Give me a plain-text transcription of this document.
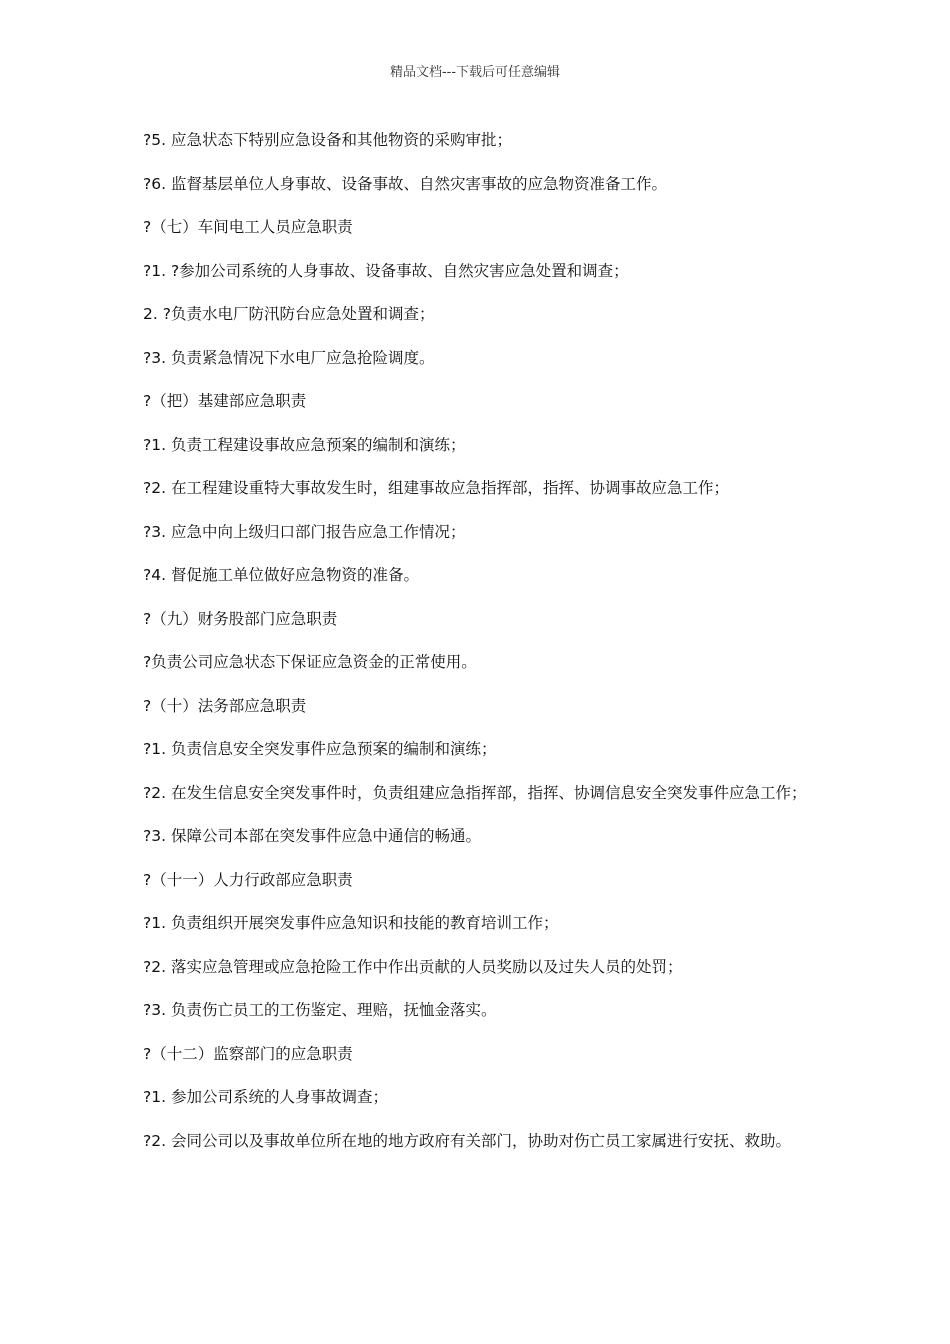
精品文档---下载后可任意编辑

?5. 应急状态下特别应急设备和其他物资的采购审批；

?6. 监督基层单位人身事故、设备事故、自然灾害事故的应急物资准备工作。

?（七）车间电工人员应急职责

?1. ?参加公司系统的人身事故、设备事故、自然灾害应急处置和调查；

2. ?负责水电厂防汛防台应急处置和调查；

?3. 负责紧急情况下水电厂应急抢险调度。

?（把）基建部应急职责

?1. 负责工程建设事故应急预案的编制和演练；

?2. 在工程建设重特大事故发生时，组建事故应急指挥部，指挥、协调事故应急工作；

?3. 应急中向上级归口部门报告应急工作情况；

?4. 督促施工单位做好应急物资的准备。

?（九）财务股部门应急职责

?负责公司应急状态下保证应急资金的正常使用。

?（十）法务部应急职责

?1. 负责信息安全突发事件应急预案的编制和演练；

?2. 在发生信息安全突发事件时，负责组建应急指挥部，指挥、协调信息安全突发事件应急工作；

?3. 保障公司本部在突发事件应急中通信的畅通。

?（十一）人力行政部应急职责

?1. 负责组织开展突发事件应急知识和技能的教育培训工作；

?2. 落实应急管理或应急抢险工作中作出贡献的人员奖励以及过失人员的处罚；

?3. 负责伤亡员工的工伤鉴定、理赔，抚恤金落实。

?（十二）监察部门的应急职责

?1. 参加公司系统的人身事故调查；

?2. 会同公司以及事故单位所在地的地方政府有关部门，协助对伤亡员工家属进行安抚、救助。
